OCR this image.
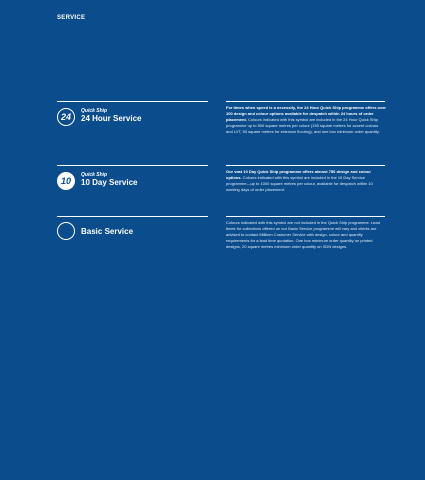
SERVICE
24
Quick Ship
24 Hour Service
For times when speed is a necessity, the 24 Hour Quick Ship programme offers over 100 design and colour options available for despatch within 24 hours of order placement. Colours indicated with this symbol are included in the 24 Hour Quick Ship programme up to 500 square metres per colour (150 square metres for accent colours and LVT, 50 square metres for entrance flooring), and one box minimum order quantity.
10
Quick Ship
10 Day Service
Our vast 10 Day Quick Ship programme offers almost 750 design and colour options. Colours indicated with this symbol are included in the 10 Day Service programme—up to 1000 square metres per colour, available for despatch within 10 working days of order placement.
Basic Service
Colours indicated with this symbol are not included in the Quick Ship programme. Lead times for collections offered on our Basic Service programme will vary and clients are advised to contact Milliken Customer Service with design, colour and quantity requirements for a lead time quotation. One box minimum order quantity on printed designs, 20 square metres minimum order quantity on SDN designs.
